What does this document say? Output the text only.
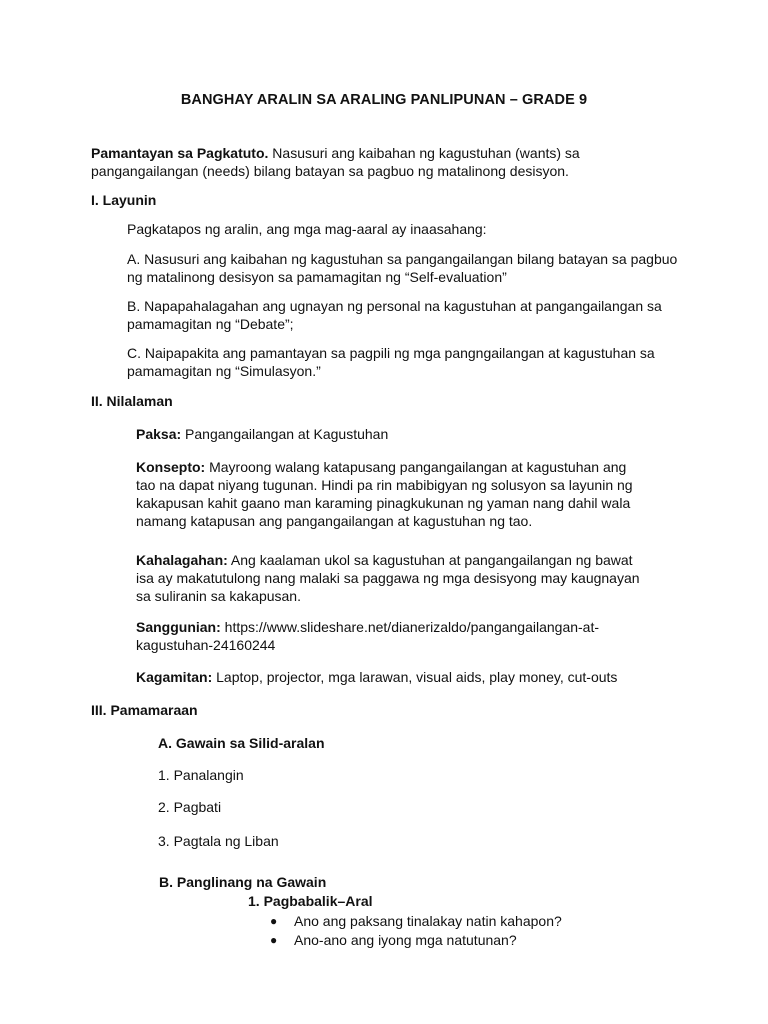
BANGHAY ARALIN SA ARALING PANLIPUNAN – GRADE 9
Pamantayan sa Pagkatuto. Nasusuri ang kaibahan ng kagustuhan (wants) sa
pangangailangan (needs) bilang batayan sa pagbuo ng matalinong desisyon.
I. Layunin
Pagkatapos ng aralin, ang mga mag-aaral ay inaasahang:
A. Nasusuri ang kaibahan ng kagustuhan sa pangangailangan bilang batayan sa pagbuo
ng matalinong desisyon sa pamamagitan ng “Self-evaluation”
B. Napapahalagahan ang ugnayan ng personal na kagustuhan at pangangailangan sa
pamamagitan ng “Debate”;
C. Naipapakita ang pamantayan sa pagpili ng mga pangngailangan at kagustuhan sa
pamamagitan ng “Simulasyon.”
II. Nilalaman
Paksa: Pangangailangan at Kagustuhan
Konsepto: Mayroong walang katapusang pangangailangan at kagustuhan ang
tao na dapat niyang tugunan. Hindi pa rin mabibigyan ng solusyon sa layunin ng
kakapusan kahit gaano man karaming pinagkukunan ng yaman nang dahil wala
namang katapusan ang pangangailangan at kagustuhan ng tao.
Kahalagahan: Ang kaalaman ukol sa kagustuhan at pangangailangan ng bawat
isa ay makatutulong nang malaki sa paggawa ng mga desisyong may kaugnayan
sa suliranin sa kakapusan.
Sanggunian: https://www.slideshare.net/dianerizaldo/pangangailangan-at-
kagustuhan-24160244
Kagamitan: Laptop, projector, mga larawan, visual aids, play money, cut-outs
III. Pamamaraan
A. Gawain sa Silid-aralan
1. Panalangin
2. Pagbati
3. Pagtala ng Liban
B. Panglinang na Gawain
1. Pagbabalik–Aral
● Ano ang paksang tinalakay natin kahapon?
● Ano-ano ang iyong mga natutunan?
